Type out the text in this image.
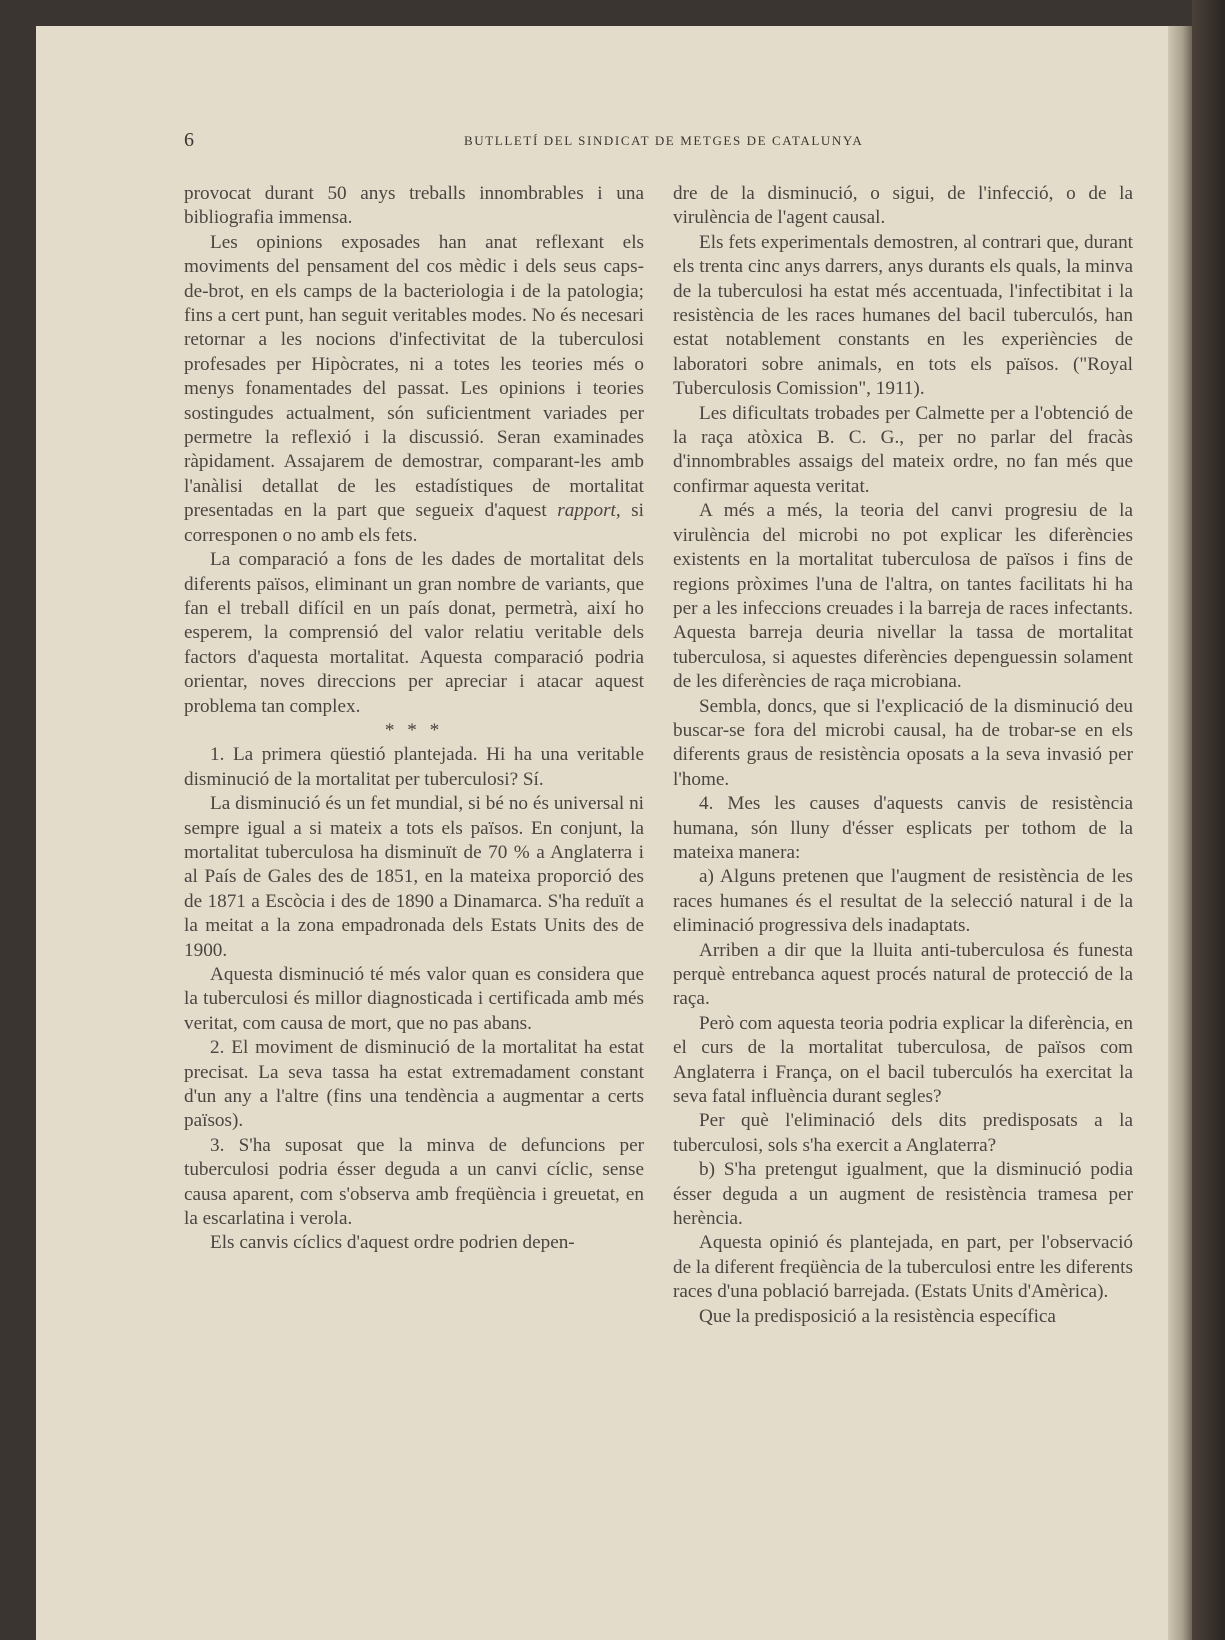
6	BUTLLETÍ DEL SINDICAT DE METGES DE CATALUNYA

provocat durant 50 anys treballs innombrables i una bibliografia immensa.

Les opinions exposades han anat reflexant els moviments del pensament del cos mèdic i dels seus caps-de-brot, en els camps de la bacteriologia i de la patologia; fins a cert punt, han seguit veritables modes. No és necesari retornar a les nocions d'infectivitat de la tuberculosi profesades per Hipòcrates, ni a totes les teories més o menys fonamentades del passat. Les opinions i teories sostingudes actualment, són suficientment variades per permetre la reflexió i la discussió. Seran examinades ràpidament. Assajarem de demostrar, comparant-les amb l'anàlisi detallat de les estadístiques de mortalitat presentadas en la part que segueix d'aquest rapport, si corresponen o no amb els fets.

La comparació a fons de les dades de mortalitat dels diferents països, eliminant un gran nombre de variants, que fan el treball difícil en un país donat, permetrà, així ho esperem, la comprensió del valor relatiu veritable dels factors d'aquesta mortalitat. Aquesta comparació podria orientar, noves direccions per apreciar i atacar aquest problema tan complex.

* * *

1. La primera qüestió plantejada. Hi ha una veritable disminució de la mortalitat per tuberculosi? Sí.

La disminució és un fet mundial, si bé no és universal ni sempre igual a si mateix a tots els països. En conjunt, la mortalitat tuberculosa ha disminuït de 70 % a Anglaterra i al País de Gales des de 1851, en la mateixa proporció des de 1871 a Escòcia i des de 1890 a Dinamarca. S'ha reduït a la meitat a la zona empadronada dels Estats Units des de 1900.

Aquesta disminució té més valor quan es considera que la tuberculosi és millor diagnosticada i certificada amb més veritat, com causa de mort, que no pas abans.

2. El moviment de disminució de la mortalitat ha estat precisat. La seva tassa ha estat extremadament constant d'un any a l'altre (fins una tendència a augmentar a certs països).

3. S'ha suposat que la minva de defuncions per tuberculosi podria ésser deguda a un canvi cíclic, sense causa aparent, com s'observa amb freqüència i greuetat, en la escarlatina i verola.

Els canvis cíclics d'aquest ordre podrien depen-

dre de la disminució, o sigui, de l'infecció, o de la virulència de l'agent causal.

Els fets experimentals demostren, al contrari que, durant els trenta cinc anys darrers, anys durants els quals, la minva de la tuberculosi ha estat més accentuada, l'infectibitat i la resistència de les races humanes del bacil tuberculós, han estat notablement constants en les experiències de laboratori sobre animals, en tots els països. ("Royal Tuberculosis Comission", 1911).

Les dificultats trobades per Calmette per a l'obtenció de la raça atòxica B. C. G., per no parlar del fracàs d'innombrables assaigs del mateix ordre, no fan més que confirmar aquesta veritat.

A més a més, la teoria del canvi progresiu de la virulència del microbi no pot explicar les diferències existents en la mortalitat tuberculosa de països i fins de regions pròximes l'una de l'altra, on tantes facilitats hi ha per a les infeccions creuades i la barreja de races infectants. Aquesta barreja deuria nivellar la tassa de mortalitat tuberculosa, si aquestes diferències depenguessin solament de les diferències de raça microbiana.

Sembla, doncs, que si l'explicació de la disminució deu buscar-se fora del microbi causal, ha de trobar-se en els diferents graus de resistència oposats a la seva invasió per l'home.

4. Mes les causes d'aquests canvis de resistència humana, són lluny d'ésser esplicats per tothom de la mateixa manera:

a) Alguns pretenen que l'augment de resistència de les races humanes és el resultat de la selecció natural i de la eliminació progressiva dels inadaptats.

Arriben a dir que la lluita anti-tuberculosa és funesta perquè entrebanca aquest procés natural de protecció de la raça.

Però com aquesta teoria podria explicar la diferència, en el curs de la mortalitat tuberculosa, de països com Anglaterra i França, on el bacil tuberculós ha exercitat la seva fatal influència durant segles?

Per què l'eliminació dels dits predisposats a la tuberculosi, sols s'ha exercit a Anglaterra?

b) S'ha pretengut igualment, que la disminució podia ésser deguda a un augment de resistència tramesa per herència.

Aquesta opinió és plantejada, en part, per l'observació de la diferent freqüència de la tuberculosi entre les diferents races d'una població barrejada. (Estats Units d'Amèrica).

Que la predisposició a la resistència específica
